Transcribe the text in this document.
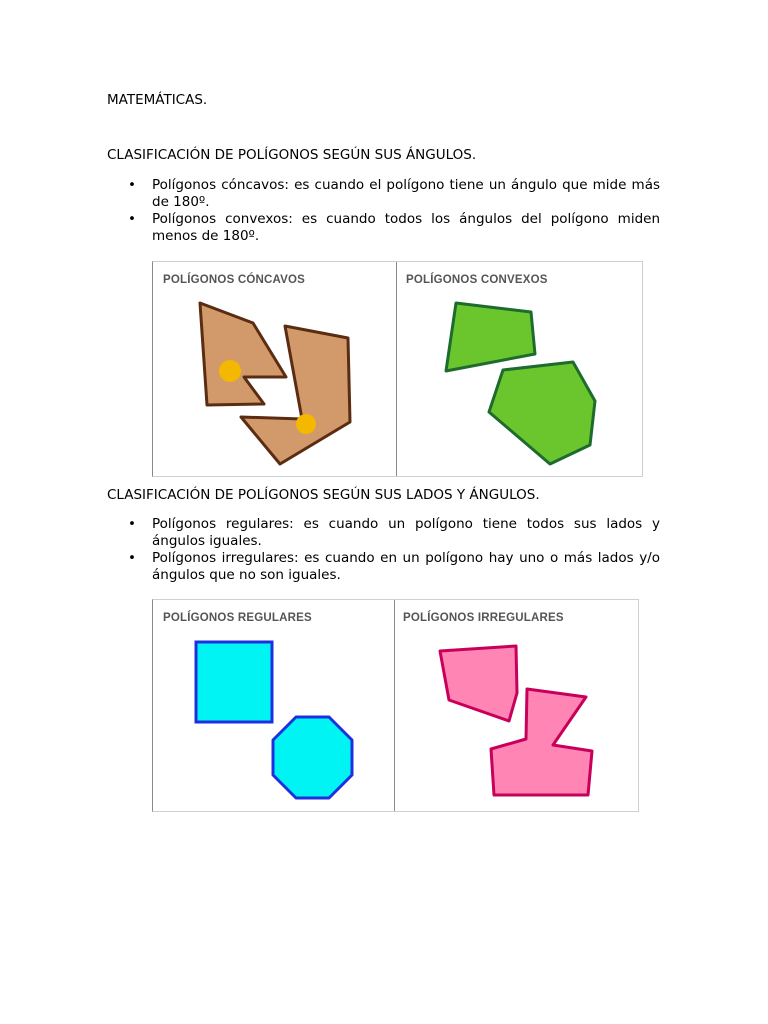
MATEMÁTICAS.
CLASIFICACIÓN DE POLÍGONOS SEGÚN SUS ÁNGULOS.
• Polígonos cóncavos: es cuando el polígono tiene un ángulo que mide más de 180º.
• Polígonos convexos: es cuando todos los ángulos del polígono miden menos de 180º.
POLÍGONOS CÓNCAVOS	POLÍGONOS CONVEXOS
CLASIFICACIÓN DE POLÍGONOS SEGÚN SUS LADOS Y ÁNGULOS.
• Polígonos regulares: es cuando un polígono tiene todos sus lados y ángulos iguales.
• Polígonos irregulares: es cuando en un polígono hay uno o más lados y/o ángulos que no son iguales.
POLÍGONOS REGULARES	POLÍGONOS IRREGULARES
